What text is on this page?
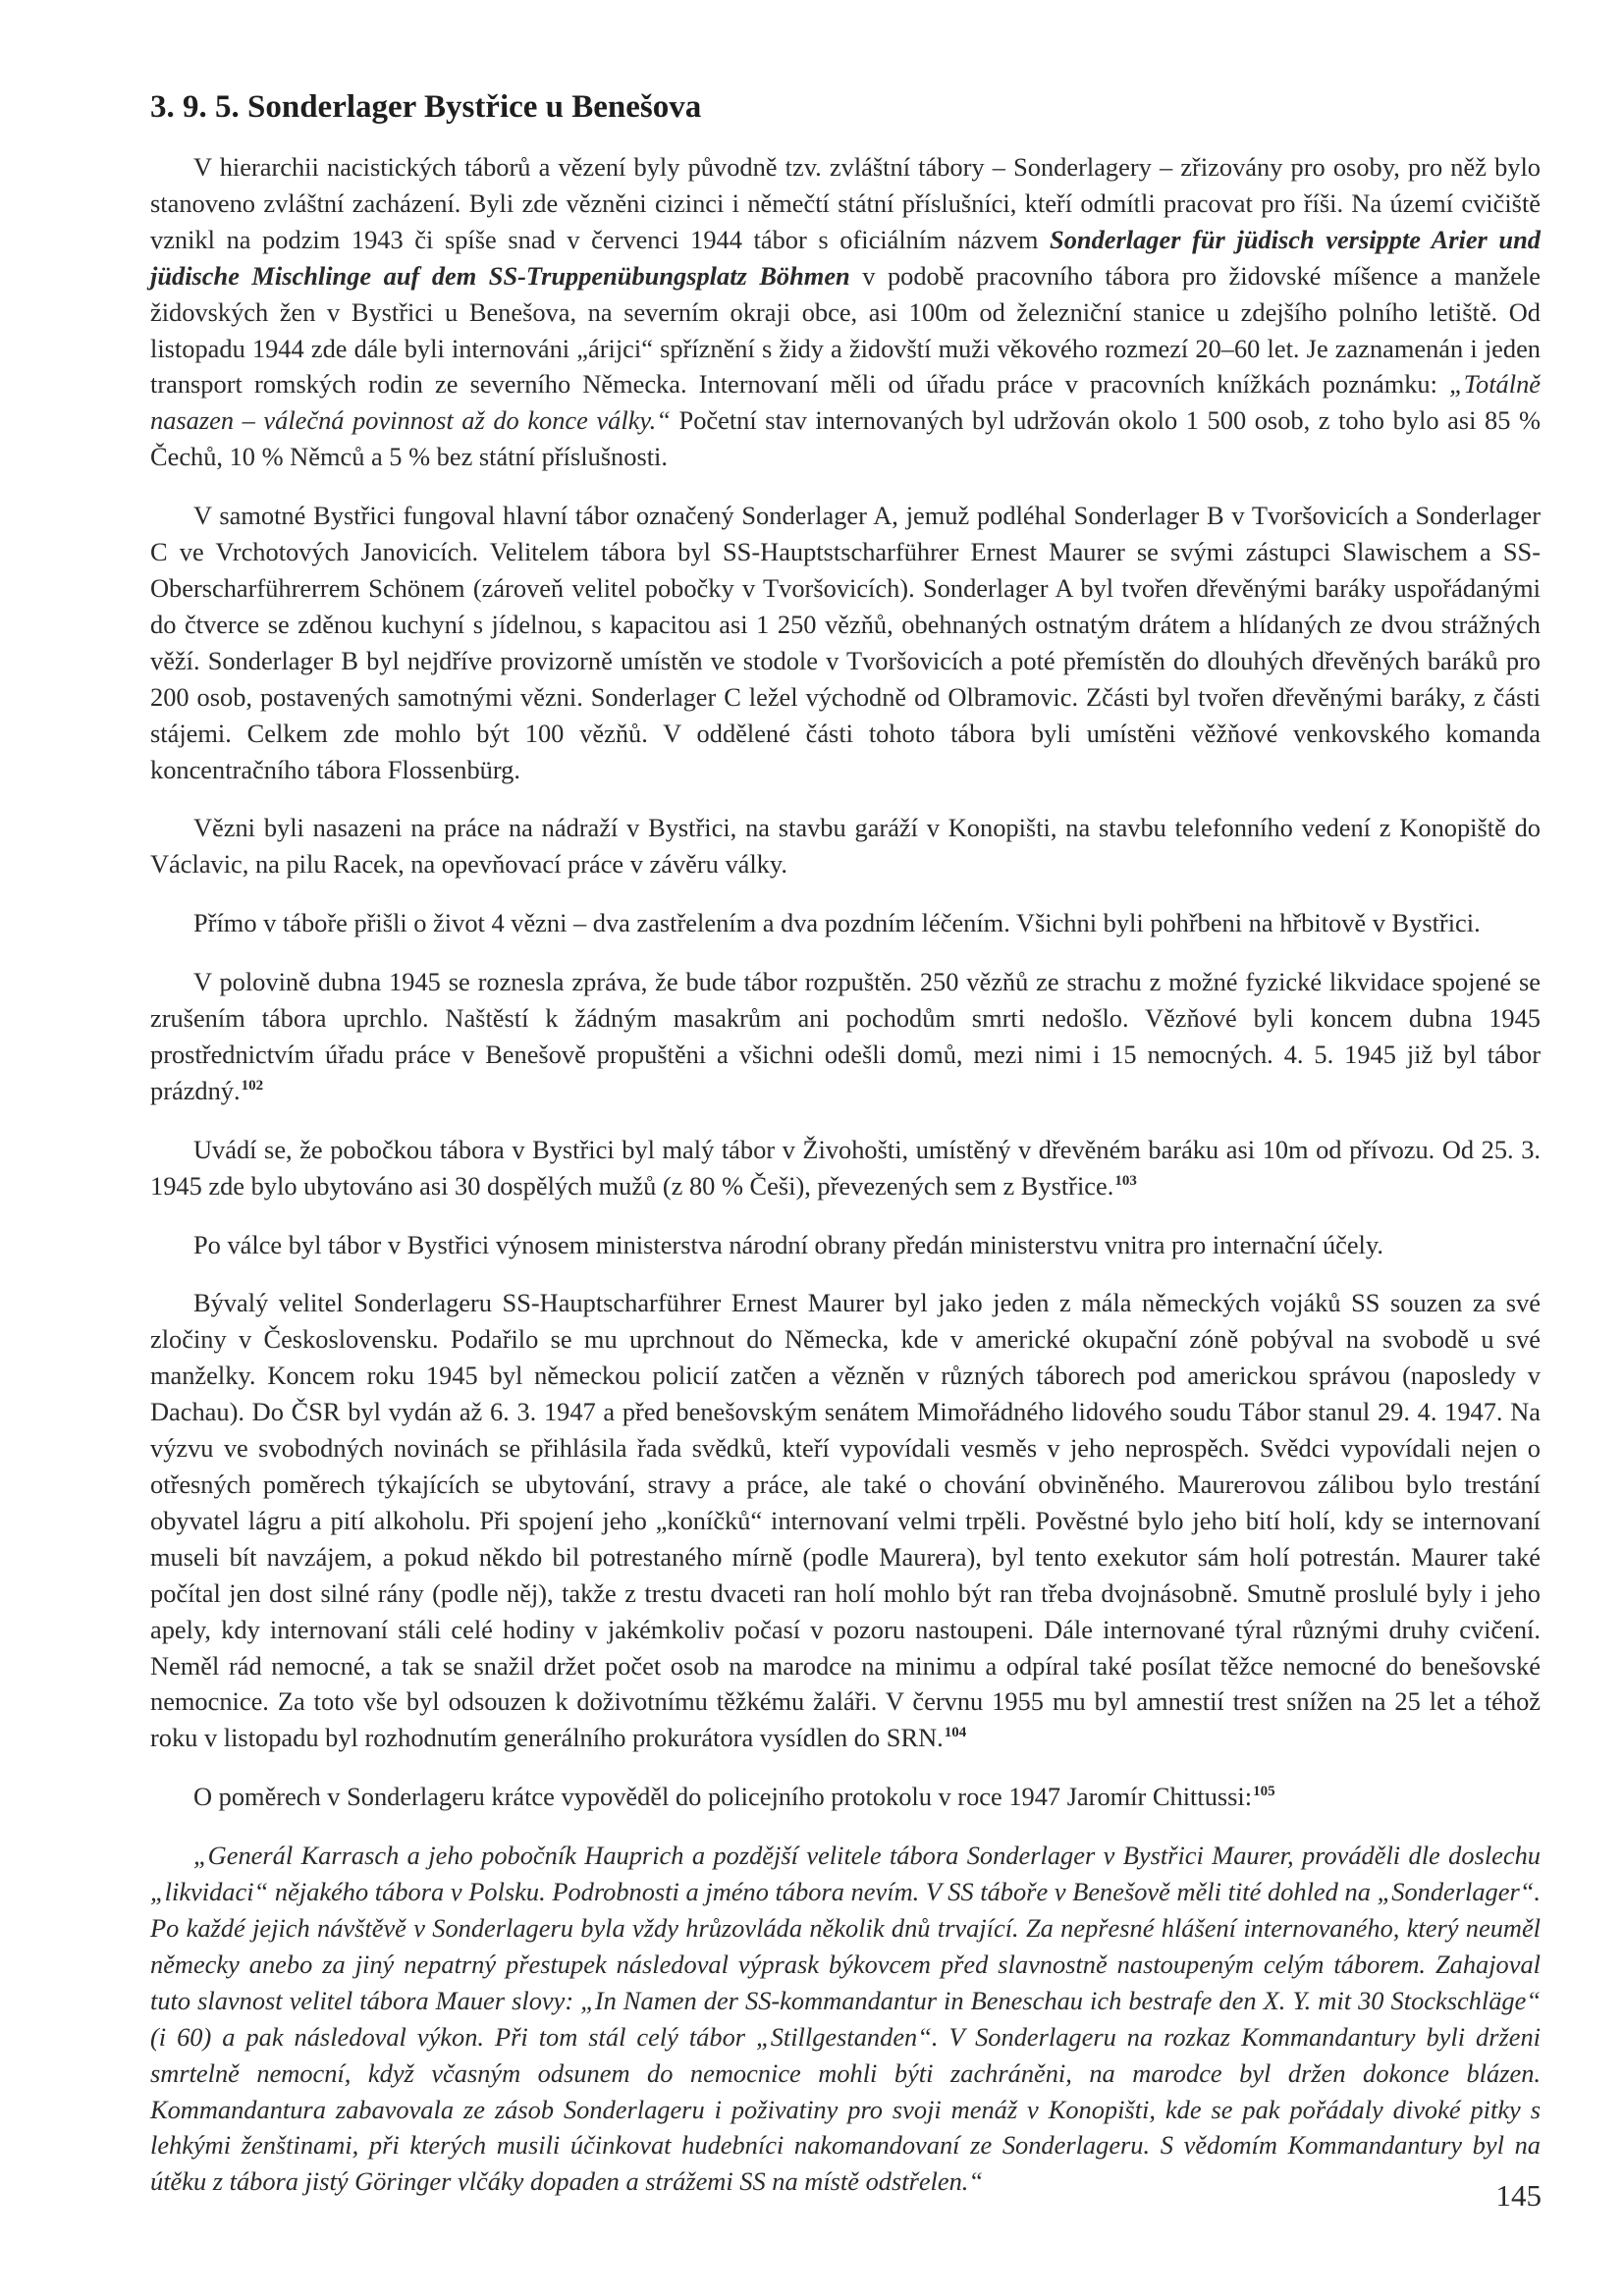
3. 9. 5. Sonderlager Bystřice u Benešova

V hierarchii nacistických táborů a vězení byly původně tzv. zvláštní tábory – Sonderlagery – zřizovány pro osoby, pro něž bylo stanoveno zvláštní zacházení. Byli zde vězněni cizinci i němečtí státní příslušníci, kteří odmítli pracovat pro říši. Na území cvičiště vznikl na podzim 1943 či spíše snad v červenci 1944 tábor s oficiálním názvem Sonderlager für jüdisch versippte Arier und jüdische Mischlinge auf dem SS-Truppenübungsplatz Böhmen v podobě pracovního tábora pro židovské míšence a manžele židovských žen v Bystřici u Benešova, na severním okraji obce, asi 100m od železniční stanice u zdejšího polního letiště. Od listopadu 1944 zde dále byli internováni „árijci“ spříznění s židy a židovští muži věkového rozmezí 20–60 let. Je zaznamenán i jeden transport romských rodin ze severního Německa. Internovaní měli od úřadu práce v pracovních knížkách poznámku: „Totálně nasazen – válečná povinnost až do konce války.“ Početní stav internovaných byl udržován okolo 1 500 osob, z toho bylo asi 85 % Čechů, 10 % Němců a 5 % bez státní příslušnosti.

V samotné Bystřici fungoval hlavní tábor označený Sonderlager A, jemuž podléhal Sonderlager B v Tvoršovicích a Sonderlager C ve Vrchotových Janovicích. Velitelem tábora byl SS-Hauptstscharführer Ernest Maurer se svými zástupci Slawischem a SS-Oberscharführerrem Schönem (zároveň velitel pobočky v Tvoršovicích). Sonderlager A byl tvořen dřevěnými baráky uspořádanými do čtverce se zděnou kuchyní s jídelnou, s kapacitou asi 1 250 vězňů, obehnaných ostnatým drátem a hlídaných ze dvou strážných věží. Sonderlager B byl nejdříve provizorně umístěn ve stodole v Tvoršovicích a poté přemístěn do dlouhých dřevěných baráků pro 200 osob, postavených samotnými vězni. Sonderlager C ležel východně od Olbramovic. Zčásti byl tvořen dřevěnými baráky, z části stájemi. Celkem zde mohlo být 100 vězňů. V oddělené části tohoto tábora byli umístěni věžňové venkovského komanda koncentračního tábora Flossenbürg.

Vězni byli nasazeni na práce na nádraží v Bystřici, na stavbu garáží v Konopišti, na stavbu telefonního vedení z Konopiště do Václavic, na pilu Racek, na opevňovací práce v závěru války.

Přímo v táboře přišli o život 4 vězni – dva zastřelením a dva pozdním léčením. Všichni byli pohřbeni na hřbitově v Bystřici.

V polovině dubna 1945 se roznesla zpráva, že bude tábor rozpuštěn. 250 vězňů ze strachu z možné fyzické likvidace spojené se zrušením tábora uprchlo. Naštěstí k žádným masakrům ani pochodům smrti nedošlo. Vězňové byli koncem dubna 1945 prostřednictvím úřadu práce v Benešově propuštěni a všichni odešli domů, mezi nimi i 15 nemocných. 4. 5. 1945 již byl tábor prázdný.$^{102}$

Uvádí se, že pobočkou tábora v Bystřici byl malý tábor v Živohošti, umístěný v dřevěném baráku asi 10m od přívozu. Od 25. 3. 1945 zde bylo ubytováno asi 30 dospělých mužů (z 80 % Češi), převezených sem z Bystřice.$^{103}$

Po válce byl tábor v Bystřici výnosem ministerstva národní obrany předán ministerstvu vnitra pro internační účely.

Bývalý velitel Sonderlageru SS-Hauptscharführer Ernest Maurer byl jako jeden z mála německých vojáků SS souzen za své zločiny v Československu. Podařilo se mu uprchnout do Německa, kde v americké okupační zóně pobýval na svobodě u své manželky. Koncem roku 1945 byl německou policií zatčen a vězněn v různých táborech pod americkou správou (naposledy v Dachau). Do ČSR byl vydán až 6. 3. 1947 a před benešovským senátem Mimořádného lidového soudu Tábor stanul 29. 4. 1947. Na výzvu ve svobodných novinách se přihlásila řada svědků, kteří vypovídali vesměs v jeho neprospěch. Svědci vypovídali nejen o otřesných poměrech týkajících se ubytování, stravy a práce, ale také o chování obviněného. Maurerovou zálibou bylo trestání obyvatel lágru a pití alkoholu. Při spojení jeho „koníčků“ internovaní velmi trpěli. Pověstné bylo jeho bití holí, kdy se internovaní museli bít navzájem, a pokud někdo bil potrestaného mírně (podle Maurera), byl tento exekutor sám holí potrestán. Maurer také počítal jen dost silné rány (podle něj), takže z trestu dvaceti ran holí mohlo být ran třeba dvojnásobně. Smutně proslulé byly i jeho apely, kdy internovaní stáli celé hodiny v jakémkoliv počasí v pozoru nastoupeni. Dále internované týral různými druhy cvičení. Neměl rád nemocné, a tak se snažil držet počet osob na marodce na minimu a odpíral také posílat těžce nemocné do benešovské nemocnice. Za toto vše byl odsouzen k doživotnímu těžkému žaláři. V červnu 1955 mu byl amnestií trest snížen na 25 let a téhož roku v listopadu byl rozhodnutím generálního prokurátora vysídlen do SRN.$^{104}$

O poměrech v Sonderlageru krátce vypověděl do policejního protokolu v roce 1947 Jaromír Chittussi:$^{105}$

„Generál Karrasch a jeho pobočník Hauprich a pozdější velitele tábora Sonderlager v Bystřici Maurer, prováděli dle doslechu „likvidaci“ nějakého tábora v Polsku. Podrobnosti a jméno tábora nevím. V SS táboře v Benešově měli tité dohled na „Sonderlager“. Po každé jejich návštěvě v Sonderlageru byla vždy hrůzovláda několik dnů trvající. Za nepřesné hlášení internovaného, který neuměl německy anebo za jiný nepatrný přestupek následoval výprask býkovcem před slavnostně nastoupeným celým táborem. Zahajoval tuto slavnost velitel tábora Mauer slovy: „In Namen der SS-kommandantur in Beneschau ich bestrafe den X. Y. mit 30 Stockschläge“ (i 60) a pak následoval výkon. Při tom stál celý tábor „Stillgestanden“. V Sonderlageru na rozkaz Kommandantury byli drženi smrtelně nemocní, když včasným odsunem do nemocnice mohli býti zachráněni, na marodce byl držen dokonce blázen. Kommandantura zabavovala ze zásob Sonderlageru i poživatiny pro svoji menáž v Konopišti, kde se pak pořádaly divoké pitky s lehkými ženštinami, při kterých musili účinkovat hudebníci nakomandovaní ze Sonderlageru. S vědomím Kommandantury byl na útěku z tábora jistý Göringer vlčáky dopaden a strážemi SS na místě odstřelen.“	145
